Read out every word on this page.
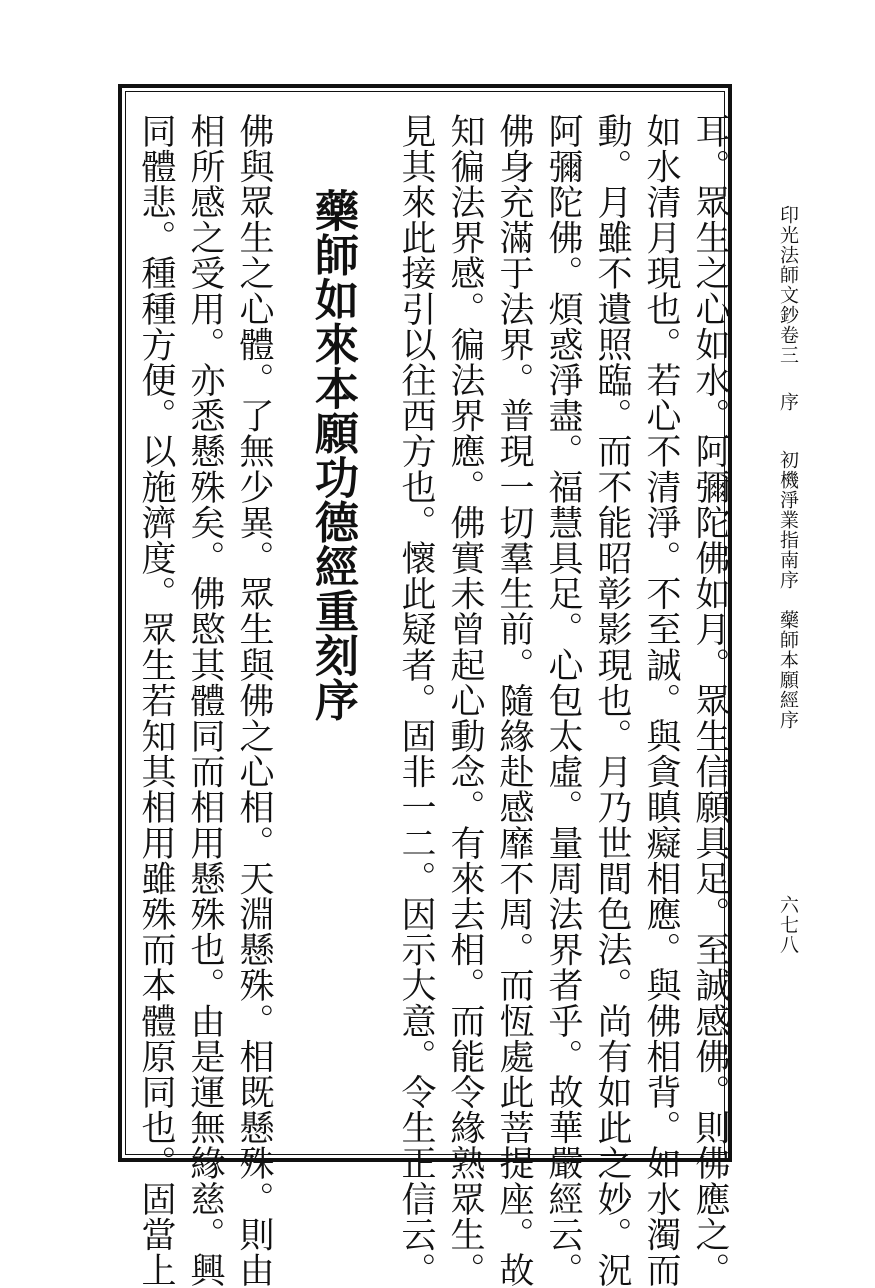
印光法師文鈔卷三
序
初機淨業指南序　藥師本願經序
六七八
耳。眾生之心如水。阿彌陀佛如月。眾生信願具足。至誠感佛。則佛應之。
如水清月現也。若心不清淨。不至誠。與貪瞋癡相應。與佛相背。如水濁而
動。月雖不遺照臨。而不能昭彰影現也。月乃世間色法。尚有如此之妙。況
阿彌陀佛。煩惑淨盡。福慧具足。心包太虛。量周法界者乎。故華嚴經云。
佛身充滿于法界。普現一切羣生前。隨緣赴感靡不周。而恆處此菩提座。故
知徧法界感。徧法界應。佛實未曾起心動念。有來去相。而能令緣熟眾生。
見其來此接引以往西方也。懷此疑者。固非一二。因示大意。令生正信云。
藥師如來本願功德經重刻序
佛與眾生之心體。了無少異。眾生與佛之心相。天淵懸殊。相既懸殊。則由
相所感之受用。亦悉懸殊矣。佛愍其體同而相用懸殊也。由是運無緣慈。興
同體悲。種種方便。以施濟度。眾生若知其相用雖殊而本體原同也。固當上
